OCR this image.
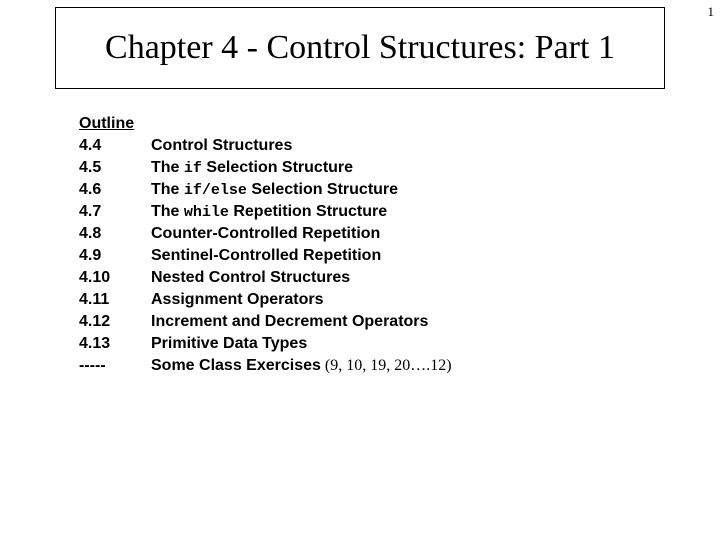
1
Chapter 4 - Control Structures: Part 1
Outline
4.4	Control Structures
4.5	The if Selection Structure
4.6	The if/else Selection Structure
4.7	The while Repetition Structure
4.8	Counter-Controlled Repetition
4.9	Sentinel-Controlled Repetition
4.10	Nested Control Structures
4.11	Assignment Operators
4.12	Increment and Decrement Operators
4.13	Primitive Data Types
-----	Some Class Exercises (9, 10, 19, 20….12)
